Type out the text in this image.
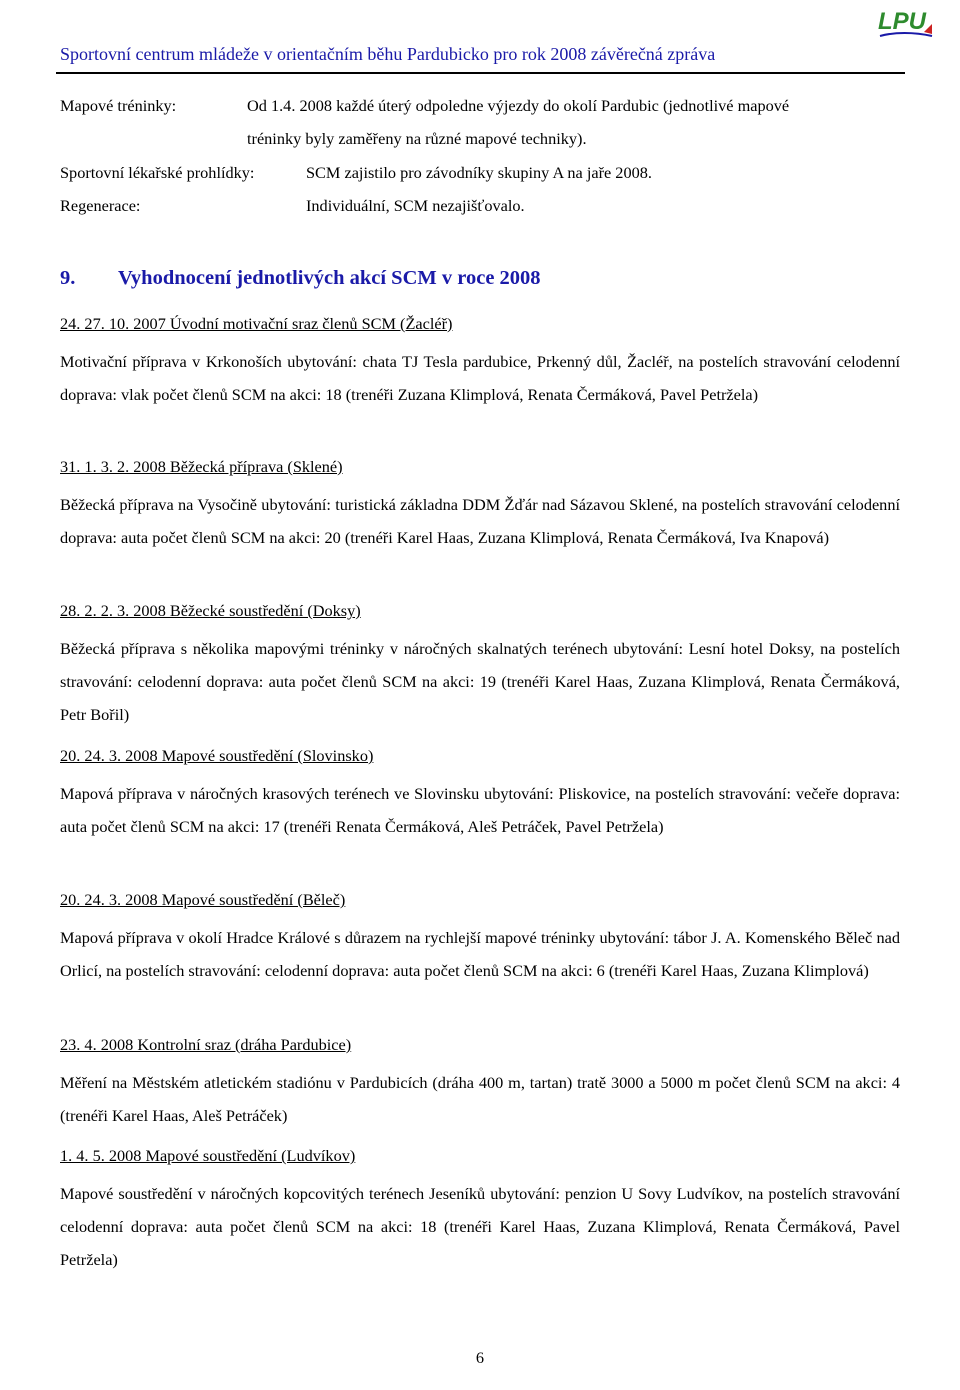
LPU
Sportovní centrum mládeže v orientačním běhu Pardubicko pro rok 2008 závěrečná zpráva
Mapové tréninky:	Od 1.4. 2008 každé úterý odpoledne výjezdy do okolí Pardubic (jednotlivé mapové
tréninky byly zaměřeny na různé mapové techniky).
Sportovní lékařské prohlídky:	SCM zajistilo pro závodníky skupiny A na jaře 2008.
Regenerace:	Individuální, SCM nezajišťovalo.
9. Vyhodnocení jednotlivých akcí SCM v roce 2008

24. 27. 10. 2007 Úvodní motivační sraz členů SCM (Žacléř)

Motivační příprava v Krkonoších ubytování: chata TJ Tesla pardubice, Prkenný důl, Žacléř, na postelích stravování celodenní doprava: vlak počet členů SCM na akci: 18 (trenéři Zuzana Klimplová, Renata Čermáková, Pavel Petržela)

31. 1. 3. 2. 2008 Běžecká příprava (Sklené)

Běžecká příprava na Vysočině ubytování: turistická základna DDM Žďár nad Sázavou Sklené, na postelích stravování celodenní doprava: auta počet členů SCM na akci: 20 (trenéři Karel Haas, Zuzana Klimplová, Renata Čermáková, Iva Knapová)

28. 2. 2. 3. 2008 Běžecké soustředění (Doksy)

Běžecká příprava s několika mapovými tréninky v náročných skalnatých terénech ubytování: Lesní hotel Doksy, na postelích stravování: celodenní doprava: auta počet členů SCM na akci: 19 (trenéři Karel Haas, Zuzana Klimplová, Renata Čermáková, Petr Bořil)

20. 24. 3. 2008 Mapové soustředění (Slovinsko)

Mapová příprava v náročných krasových terénech ve Slovinsku ubytování: Pliskovice, na postelích stravování: večeře doprava: auta počet členů SCM na akci: 17 (trenéři Renata Čermáková, Aleš Petráček, Pavel Petržela)

20. 24. 3. 2008 Mapové soustředění (Běleč)

Mapová příprava v okolí Hradce Králové s důrazem na rychlejší mapové tréninky ubytování: tábor J. A. Komenského Běleč nad Orlicí, na postelích stravování: celodenní doprava: auta počet členů SCM na akci: 6 (trenéři Karel Haas, Zuzana Klimplová)

23. 4. 2008 Kontrolní sraz (dráha Pardubice)

Měření na Městském atletickém stadiónu v Pardubicích (dráha 400 m, tartan) tratě 3000 a 5000 m počet členů SCM na akci: 4 (trenéři Karel Haas, Aleš Petráček)

1. 4. 5. 2008 Mapové soustředění (Ludvíkov)

Mapové soustředění v náročných kopcovitých terénech Jeseníků ubytování: penzion U Sovy Ludvíkov, na postelích stravování celodenní doprava: auta počet členů SCM na akci: 18 (trenéři Karel Haas, Zuzana Klimplová, Renata Čermáková, Pavel Petržela)

6
